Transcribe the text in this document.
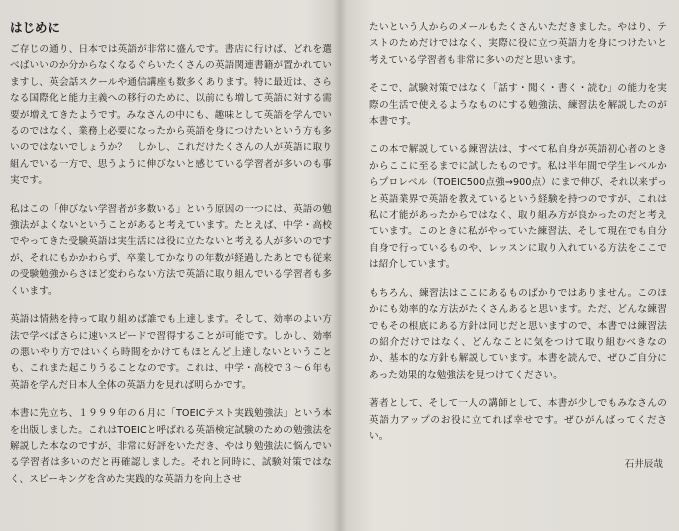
はじめに

ご存じの通り、日本では英語が非常に盛んです。書店に行けば、どれを選べばいいのか分からなくなるぐらいたくさんの英語関連書籍が置かれていますし、英会話スクールや通信講座も数多くあります。特に最近は、さらなる国際化と能力主義への移行のために、以前にも増して英語に対する需要が増えてきたようです。みなさんの中にも、趣味として英語を学んでいるのではなく、業務上必要になったから英語を身につけたいという方も多いのではないでしょうか？　しかし、これだけたくさんの人が英語に取り組んでいる一方で、思うように伸びないと感じている学習者が多いのも事実です。

私はこの「伸びない学習者が多数いる」という原因の一つには、英語の勉強法がよくないということがあると考えています。たとえば、中学・高校でやってきた受験英語は実生活には役に立たないと考える人が多いのですが、それにもかかわらず、卒業してかなりの年数が経過したあとでも従来の受験勉強からさほど変わらない方法で英語に取り組んでいる学習者も多くいます。

英語は情熱を持って取り組めば誰でも上達します。そして、効率のよい方法で学べばさらに速いスピードで習得することが可能です。しかし、効率の悪いやり方ではいくら時間をかけてもほとんど上達しないということも、これまた起こりうることなのです。これは、中学・高校で３～６年も英語を学んだ日本人全体の英語力を見れば明らかです。

本書に先立ち、１９９９年の６月に「TOEICテスト実践勉強法」という本を出版しました。これはTOEICと呼ばれる英語検定試験のための勉強法を解説した本なのですが、非常に好評をいただき、やはり勉強法に悩んでいる学習者は多いのだと再確認しました。それと同時に、試験対策ではなく、スピーキングを含めた実践的な英語力を向上させ

たいという人からのメールもたくさんいただきました。やはり、テストのためだけではなく、実際に役に立つ英語力を身につけたいと考えている学習者も非常に多いのだと思います。

そこで、試験対策ではなく「話す・聞く・書く・読む」の能力を実際の生活で使えるようなものにする勉強法、練習法を解説したのが本書です。

この本で解説している練習法は、すべて私自身が英語初心者のときからここに至るまでに試したものです。私は半年間で学生レベルからプロレベル（TOEIC500点強→900点）にまで伸び、それ以来ずっと英語業界で英語を教えているという経験を持つのですが、これは私に才能があったからではなく、取り組み方が良かったのだと考えています。このときに私がやっていた練習法、そして現在でも自分自身で行っているものや、レッスンに取り入れている方法をここでは紹介しています。

もちろん、練習法はここにあるものばかりではありません。このほかにも効率的な方法がたくさんあると思います。ただ、どんな練習でもその根底にある方針は同じだと思いますので、本書では練習法の紹介だけではなく、どんなことに気をつけて取り組むべきなのか、基本的な方針も解説しています。本書を読んで、ぜひご自分にあった効果的な勉強法を見つけてください。

著者として、そして一人の講師として、本書が少しでもみなさんの英語力アップのお役に立てれば幸せです。ぜひがんばってください。

石井辰哉
